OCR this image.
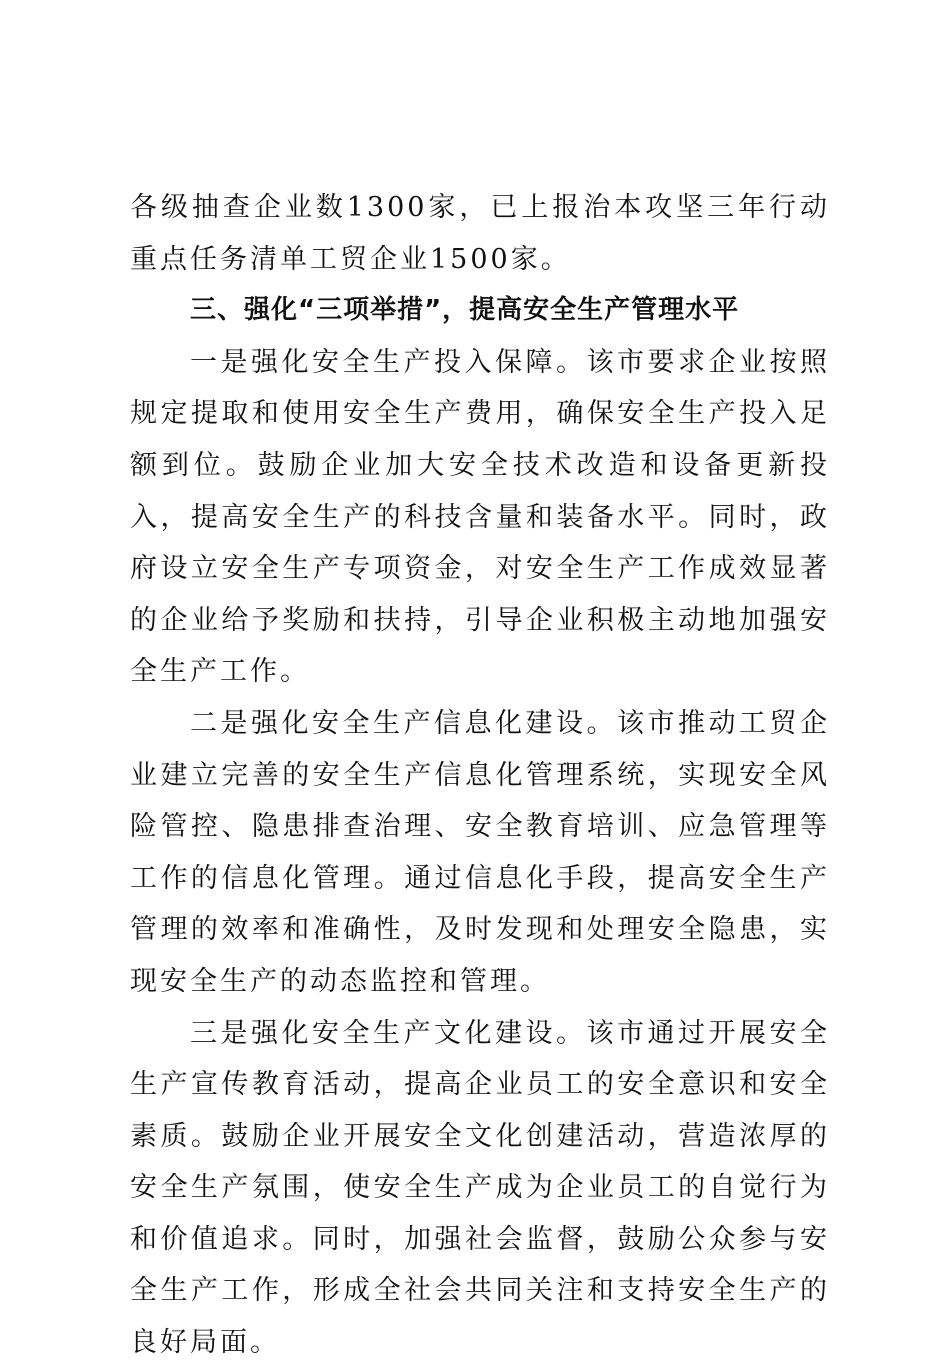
各级抽查企业数1300家，已上报治本攻坚三年行动重点任务清单工贸企业1500家。

三、强化“三项举措”，提高安全生产管理水平

一是强化安全生产投入保障。该市要求企业按照规定提取和使用安全生产费用，确保安全生产投入足额到位。鼓励企业加大安全技术改造和设备更新投入，提高安全生产的科技含量和装备水平。同时，政府设立安全生产专项资金，对安全生产工作成效显著的企业给予奖励和扶持，引导企业积极主动地加强安全生产工作。

二是强化安全生产信息化建设。该市推动工贸企业建立完善的安全生产信息化管理系统，实现安全风险管控、隐患排查治理、安全教育培训、应急管理等工作的信息化管理。通过信息化手段，提高安全生产管理的效率和准确性，及时发现和处理安全隐患，实现安全生产的动态监控和管理。

三是强化安全生产文化建设。该市通过开展安全生产宣传教育活动，提高企业员工的安全意识和安全素质。鼓励企业开展安全文化创建活动，营造浓厚的安全生产氛围，使安全生产成为企业员工的自觉行为和价值追求。同时，加强社会监督，鼓励公众参与安全生产工作，形成全社会共同关注和支持安全生产的良好局面。
